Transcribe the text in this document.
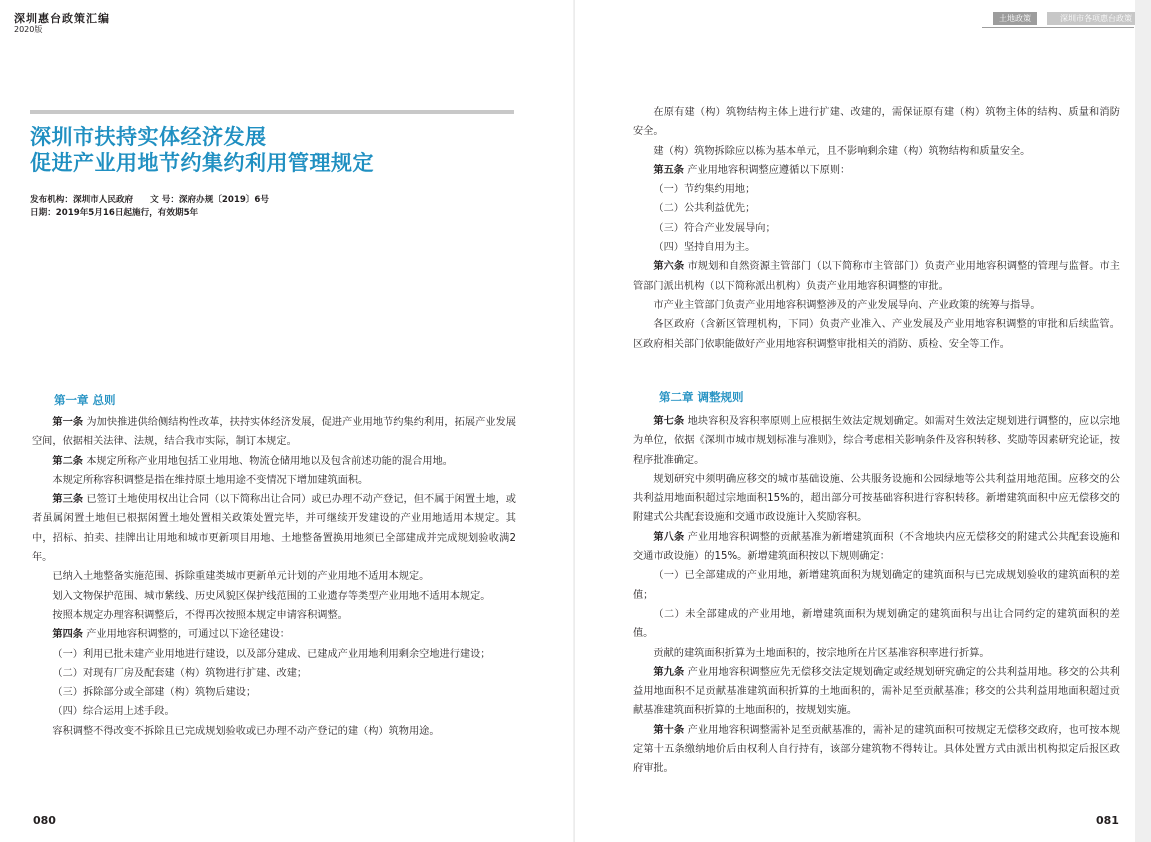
深圳惠台政策汇编
2020版
深圳市扶持实体经济发展
促进产业用地节约集约利用管理规定
发布机构：深圳市人民政府 文 号：深府办规〔2019〕6号
日期：2019年5月16日起施行，有效期5年
第一章 总则

第一条 为加快推进供给侧结构性改革，扶持实体经济发展，促进产业用地节约集约利用，拓展产业发展空间，依据相关法律、法规，结合我市实际，制订本规定。

第二条 本规定所称产业用地包括工业用地、物流仓储用地以及包含前述功能的混合用地。

本规定所称容积调整是指在维持原土地用途不变情况下增加建筑面积。

第三条 已签订土地使用权出让合同（以下简称出让合同）或已办理不动产登记，但不属于闲置土地，或者虽属闲置土地但已根据闲置土地处置相关政策处置完毕，并可继续开发建设的产业用地适用本规定。其中，招标、拍卖、挂牌出让用地和城市更新项目用地、土地整备置换用地须已全部建成并完成规划验收满2年。

已纳入土地整备实施范围、拆除重建类城市更新单元计划的产业用地不适用本规定。

划入文物保护范围、城市紫线、历史风貌区保护线范围的工业遗存等类型产业用地不适用本规定。

按照本规定办理容积调整后，不得再次按照本规定申请容积调整。

第四条 产业用地容积调整的，可通过以下途径建设：

（一）利用已批未建产业用地进行建设，以及部分建成、已建成产业用地利用剩余空地进行建设；

（二）对现有厂房及配套建（构）筑物进行扩建、改建；

（三）拆除部分或全部建（构）筑物后建设；

（四）综合运用上述手段。

容积调整不得改变不拆除且已完成规划验收或已办理不动产登记的建（构）筑物用途。

080
土地政策	深圳市各项惠台政策
081

在原有建（构）筑物结构主体上进行扩建、改建的，需保证原有建（构）筑物主体的结构、质量和消防安全。

建（构）筑物拆除应以栋为基本单元，且不影响剩余建（构）筑物结构和质量安全。

第五条 产业用地容积调整应遵循以下原则：

（一）节约集约用地；

（二）公共利益优先；

（三）符合产业发展导向；

（四）坚持自用为主。

第六条 市规划和自然资源主管部门（以下简称市主管部门）负责产业用地容积调整的管理与监督。市主管部门派出机构（以下简称派出机构）负责产业用地容积调整的审批。

市产业主管部门负责产业用地容积调整涉及的产业发展导向、产业政策的统筹与指导。

各区政府（含新区管理机构，下同）负责产业准入、产业发展及产业用地容积调整的审批和后续监管。区政府相关部门依职能做好产业用地容积调整审批相关的消防、质检、安全等工作。

第二章 调整规则

第七条 地块容积及容积率原则上应根据生效法定规划确定。如需对生效法定规划进行调整的，应以宗地为单位，依据《深圳市城市规划标准与准则》，综合考虑相关影响条件及容积转移、奖励等因素研究论证，按程序批准确定。

规划研究中须明确应移交的城市基础设施、公共服务设施和公园绿地等公共利益用地范围。应移交的公共利益用地面积超过宗地面积15%的，超出部分可按基础容积进行容积转移。新增建筑面积中应无偿移交的附建式公共配套设施和交通市政设施计入奖励容积。

第八条 产业用地容积调整的贡献基准为新增建筑面积（不含地块内应无偿移交的附建式公共配套设施和交通市政设施）的15%。新增建筑面积按以下规则确定：

（一）已全部建成的产业用地，新增建筑面积为规划确定的建筑面积与已完成规划验收的建筑面积的差值；

（二）未全部建成的产业用地，新增建筑面积为规划确定的建筑面积与出让合同约定的建筑面积的差值。

贡献的建筑面积折算为土地面积的，按宗地所在片区基准容积率进行折算。

第九条 产业用地容积调整应先无偿移交法定规划确定或经规划研究确定的公共利益用地。移交的公共利益用地面积不足贡献基准建筑面积折算的土地面积的，需补足至贡献基准；移交的公共利益用地面积超过贡献基准建筑面积折算的土地面积的，按规划实施。

第十条 产业用地容积调整需补足至贡献基准的，需补足的建筑面积可按规定无偿移交政府，也可按本规定第十五条缴纳地价后由权利人自行持有，该部分建筑物不得转让。具体处置方式由派出机构拟定后报区政府审批。
